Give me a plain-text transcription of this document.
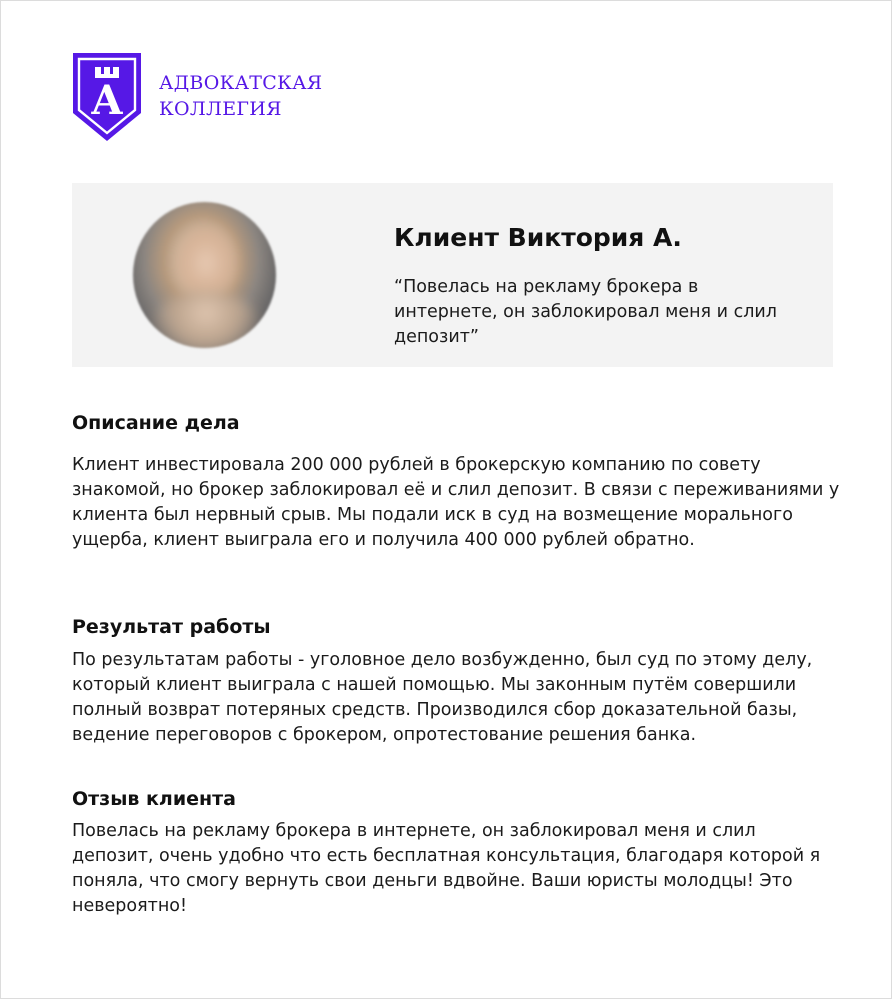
А АДВОКАТСКАЯ
КОЛЛЕГИЯ
Клиент Виктория А.
“Повелась на рекламу брокера в интернете, он заблокировал меня и слил депозит”
Описание дела
Клиент инвестировала 200 000 рублей в брокерскую компанию по совету знакомой, но брокер заблокировал её и слил депозит. В связи с переживаниями у клиента был нервный срыв. Мы подали иск в суд на возмещение морального ущерба, клиент выиграла его и получила 400 000 рублей обратно.
Результат работы
По результатам работы - уголовное дело возбужденно, был суд по этому делу, который клиент выиграла с нашей помощью. Мы законным путём совершили полный возврат потеряных средств. Производился сбор доказательной базы, ведение переговоров с брокером, опротестование решения банка.
Отзыв клиента
Повелась на рекламу брокера в интернете, он заблокировал меня и слил депозит, очень удобно что есть бесплатная консультация, благодаря которой я поняла, что смогу вернуть свои деньги вдвойне. Ваши юристы молодцы! Это невероятно!
